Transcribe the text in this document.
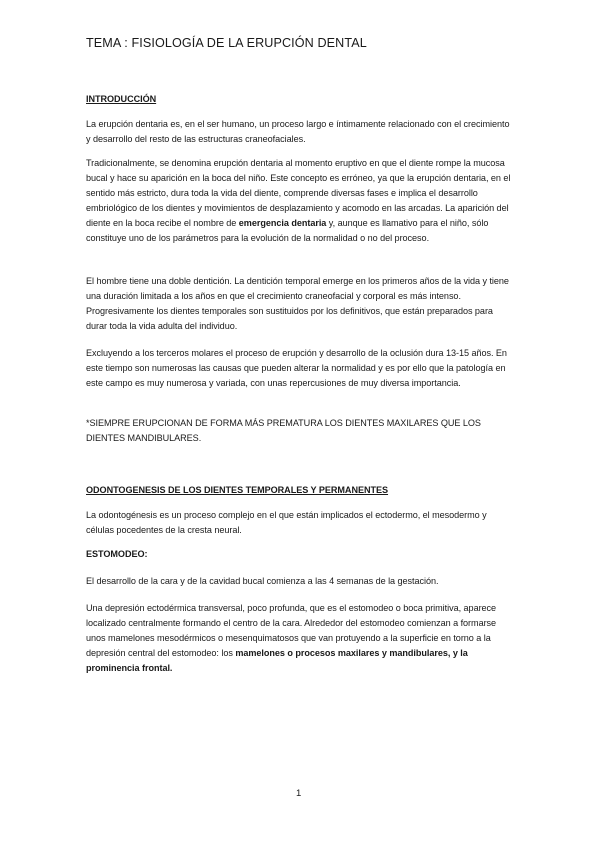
TEMA : FISIOLOGÍA DE LA ERUPCIÓN DENTAL

INTRODUCCIÓN

La erupción dentaria es, en el ser humano, un proceso largo e íntimamente relacionado con el crecimiento y desarrollo del resto de las estructuras craneofaciales.

Tradicionalmente, se denomina erupción dentaria al momento eruptivo en que el diente rompe la mucosa bucal y hace su aparición en la boca del niño. Este concepto es erróneo, ya que la erupción dentaria, en el sentido más estricto, dura toda la vida del diente, comprende diversas fases e implica el desarrollo embriológico de los dientes y movimientos de desplazamiento y acomodo en las arcadas. La aparición del diente en la boca recibe el nombre de emergencia dentaria y, aunque es llamativo para el niño, sólo constituye uno de los parámetros para la evolución de la normalidad o no del proceso.

El hombre tiene una doble dentición. La dentición temporal emerge en los primeros años de la vida y tiene una duración limitada a los años en que el crecimiento craneofacial y corporal es más intenso. Progresivamente los dientes temporales son sustituidos por los definitivos, que están preparados para durar toda la vida adulta del individuo.

Excluyendo a los terceros molares el proceso de erupción y desarrollo de la oclusión dura 13-15 años. En este tiempo son numerosas las causas que pueden alterar la normalidad y es por ello que la patología en este campo es muy numerosa y variada, con unas repercusiones de muy diversa importancia.

*SIEMPRE ERUPCIONAN DE FORMA MÁS PREMATURA LOS DIENTES MAXILARES QUE LOS DIENTES MANDIBULARES.

ODONTOGENESIS DE LOS DIENTES TEMPORALES Y PERMANENTES

La odontogénesis es un proceso complejo en el que están implicados el ectodermo, el mesodermo y células pocedentes de la cresta neural.

ESTOMODEO:

El desarrollo de la cara y de la cavidad bucal comienza a las 4 semanas de la gestación.

Una depresión ectodérmica transversal, poco profunda, que es el estomodeo o boca primitiva, aparece localizado centralmente formando el centro de la cara. Alrededor del estomodeo comienzan a formarse unos mamelones mesodérmicos o mesenquimatosos que van protuyendo a la superficie en torno a la depresión central del estomodeo: los mamelones o procesos maxilares y mandibulares, y la prominencia frontal.

1
